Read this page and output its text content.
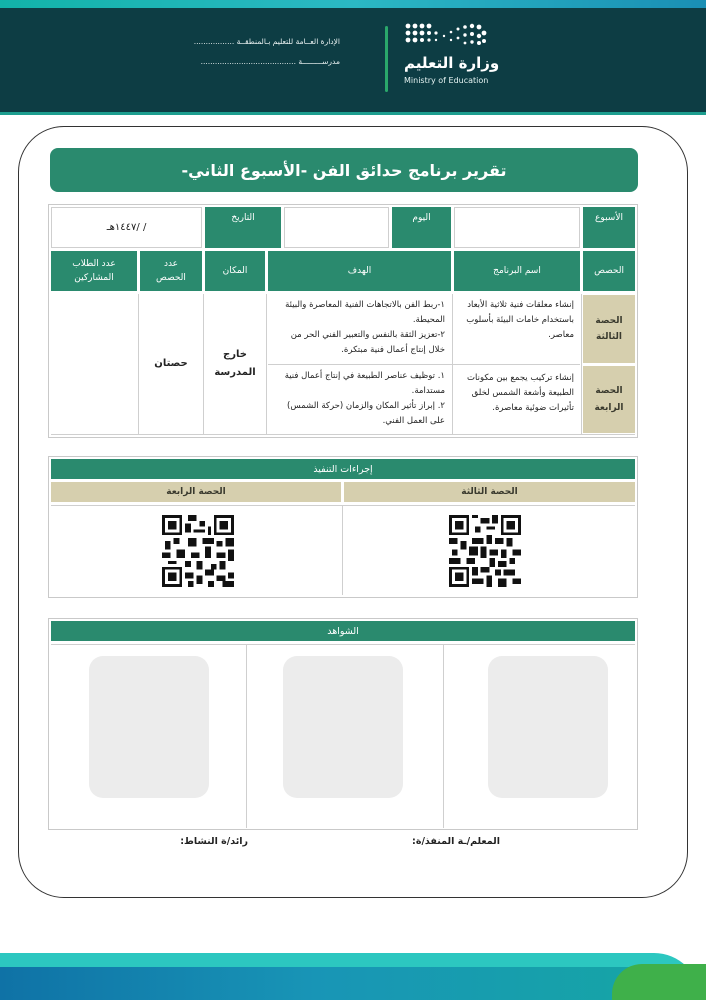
وزارة التعليم
Ministry of Education
الإدارة العــامة للتعليم بـالمنطقــة .................
مدرســـــــــة ........................................
تقرير برنامج حدائق الفن -الأسبوع الثاني-
الأسبوع
اليوم
التاريخ
/ /١٤٤٧هـ
الحصص
اسم البرنامج
الهدف
المكان
عدد الحصص
عدد الطلاب المشاركين
الحصة الثالثة
إنشاء معلقات فنية ثلاثية الأبعاد باستخدام خامات البيئة بأسلوب معاصر.
١-ربط الفن بالاتجاهات الفنية المعاصرة والبيئة المحيطة.
٢-تعزيز الثقة بالنفس والتعبير الفني الحر من خلال إنتاج أعمال فنية مبتكرة.
الحصة الرابعة
إنشاء تركيب يجمع بين مكونات الطبيعة وأشعة الشمس لخلق تأثيرات ضوئية معاصرة.
١. توظيف عناصر الطبيعة في إنتاج أعمال فنية مستدامة.
٢. إبراز تأثير المكان والزمان (حركة الشمس) على العمل الفني.
خارج المدرسة
حصتان
إجراءات التنفيذ
الحصة الثالثة
الحصة الرابعة
الشواهد
المعلم/ـة المنفذ/ة:
رائد/ة النشاط:
